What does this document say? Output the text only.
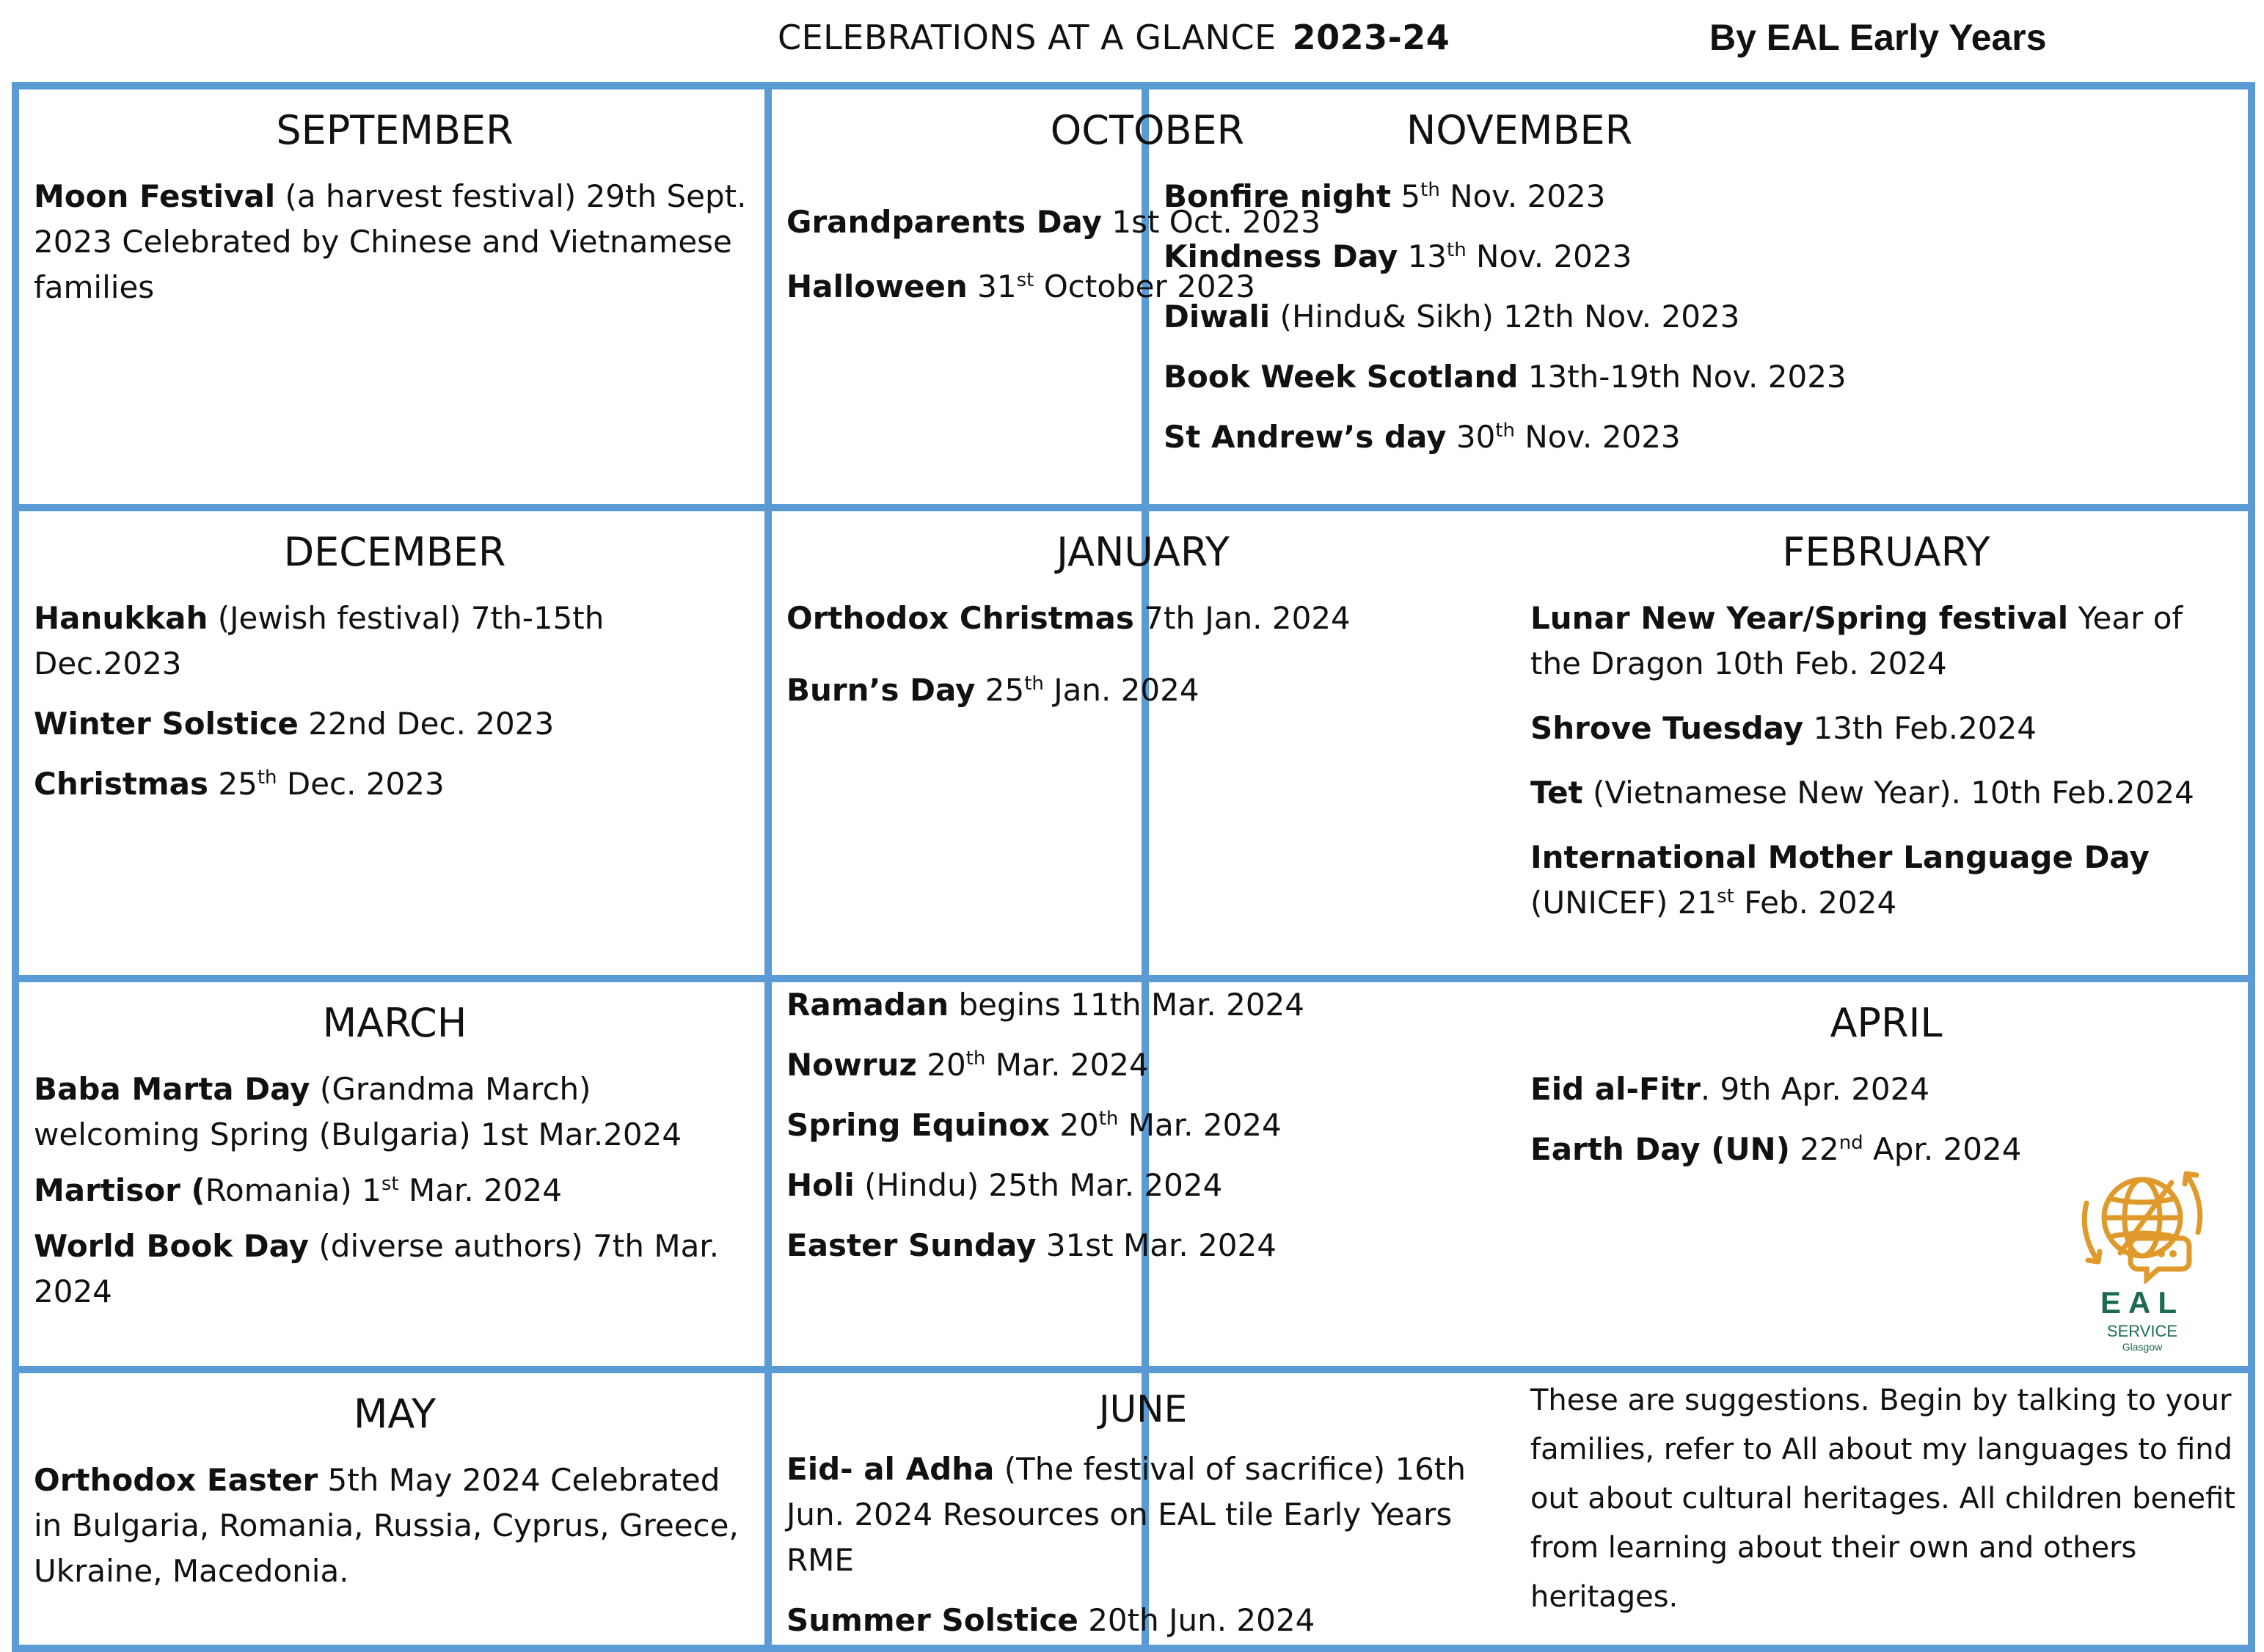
CELEBRATIONS AT A GLANCE 2023-24	By EAL Early Years
SEPTEMBER

Moon Festival (a harvest festival) 29th Sept. 2023 Celebrated by Chinese and Vietnamese families

OCTOBER

Grandparents Day 1st Oct. 2023

Halloween 31st October 2023

NOVEMBER

Bonfire night 5th Nov. 2023

Kindness Day 13th Nov. 2023

Diwali (Hindu& Sikh) 12th Nov. 2023

Book Week Scotland 13th-19th Nov. 2023

St Andrew’s day 30th Nov. 2023

DECEMBER

Hanukkah (Jewish festival) 7th-15th Dec.2023

Winter Solstice 22nd Dec. 2023

Christmas 25th Dec. 2023

JANUARY

Orthodox Christmas 7th Jan. 2024

Burn’s Day 25th Jan. 2024

FEBRUARY

Lunar New Year/Spring festival Year of the Dragon 10th Feb. 2024

Shrove Tuesday 13th Feb.2024

Tet (Vietnamese New Year). 10th Feb.2024

International Mother Language Day (UNICEF) 21st Feb. 2024

MARCH

Baba Marta Day (Grandma March) welcoming Spring (Bulgaria) 1st Mar.2024

Martisor (Romania) 1st Mar. 2024

World Book Day (diverse authors) 7th Mar. 2024

Ramadan begins 11th Mar. 2024

Nowruz 20th Mar. 2024

Spring Equinox 20th Mar. 2024

Holi (Hindu) 25th Mar. 2024

Easter Sunday 31st Mar. 2024

APRIL

Eid al-Fitr. 9th Apr. 2024

Earth Day (UN) 22nd Apr. 2024

MAY

Orthodox Easter 5th May 2024 Celebrated in Bulgaria, Romania, Russia, Cyprus, Greece, Ukraine, Macedonia.

JUNE

Eid- al Adha (The festival of sacrifice) 16th Jun. 2024 Resources on EAL tile Early Years RME

Summer Solstice 20th Jun. 2024

These are suggestions. Begin by talking to your families, refer to All about my languages to find out about cultural heritages. All children benefit from learning about their own and others heritages.

EAL
SERVICE
Glasgow
